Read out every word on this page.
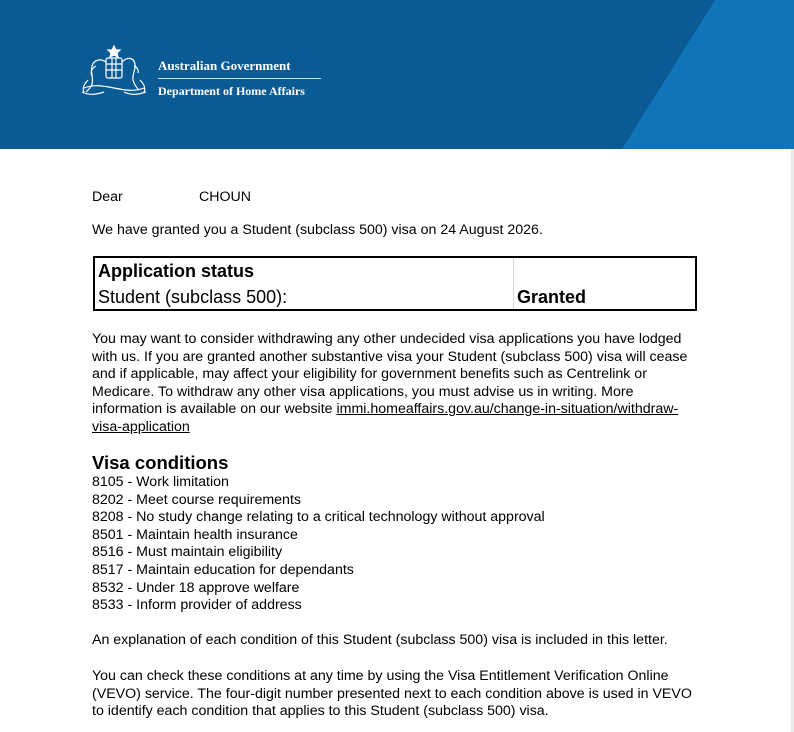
Australian Government
Department of Home Affairs
Dear	CHOUN
We have granted you a Student (subclass 500) visa on 24 August 2026.
Application status
Student (subclass 500):	Granted
You may want to consider withdrawing any other undecided visa applications you have lodged with us. If you are granted another substantive visa your Student (subclass 500) visa will cease and if applicable, may affect your eligibility for government benefits such as Centrelink or Medicare. To withdraw any other visa applications, you must advise us in writing. More information is available on our website immi.homeaffairs.gov.au/change-in-situation/withdraw-visa-application
Visa conditions
8105 - Work limitation
8202 - Meet course requirements
8208 - No study change relating to a critical technology without approval
8501 - Maintain health insurance
8516 - Must maintain eligibility
8517 - Maintain education for dependants
8532 - Under 18 approve welfare
8533 - Inform provider of address
An explanation of each condition of this Student (subclass 500) visa is included in this letter.
You can check these conditions at any time by using the Visa Entitlement Verification Online (VEVO) service. The four-digit number presented next to each condition above is used in VEVO to identify each condition that applies to this Student (subclass 500) visa.
